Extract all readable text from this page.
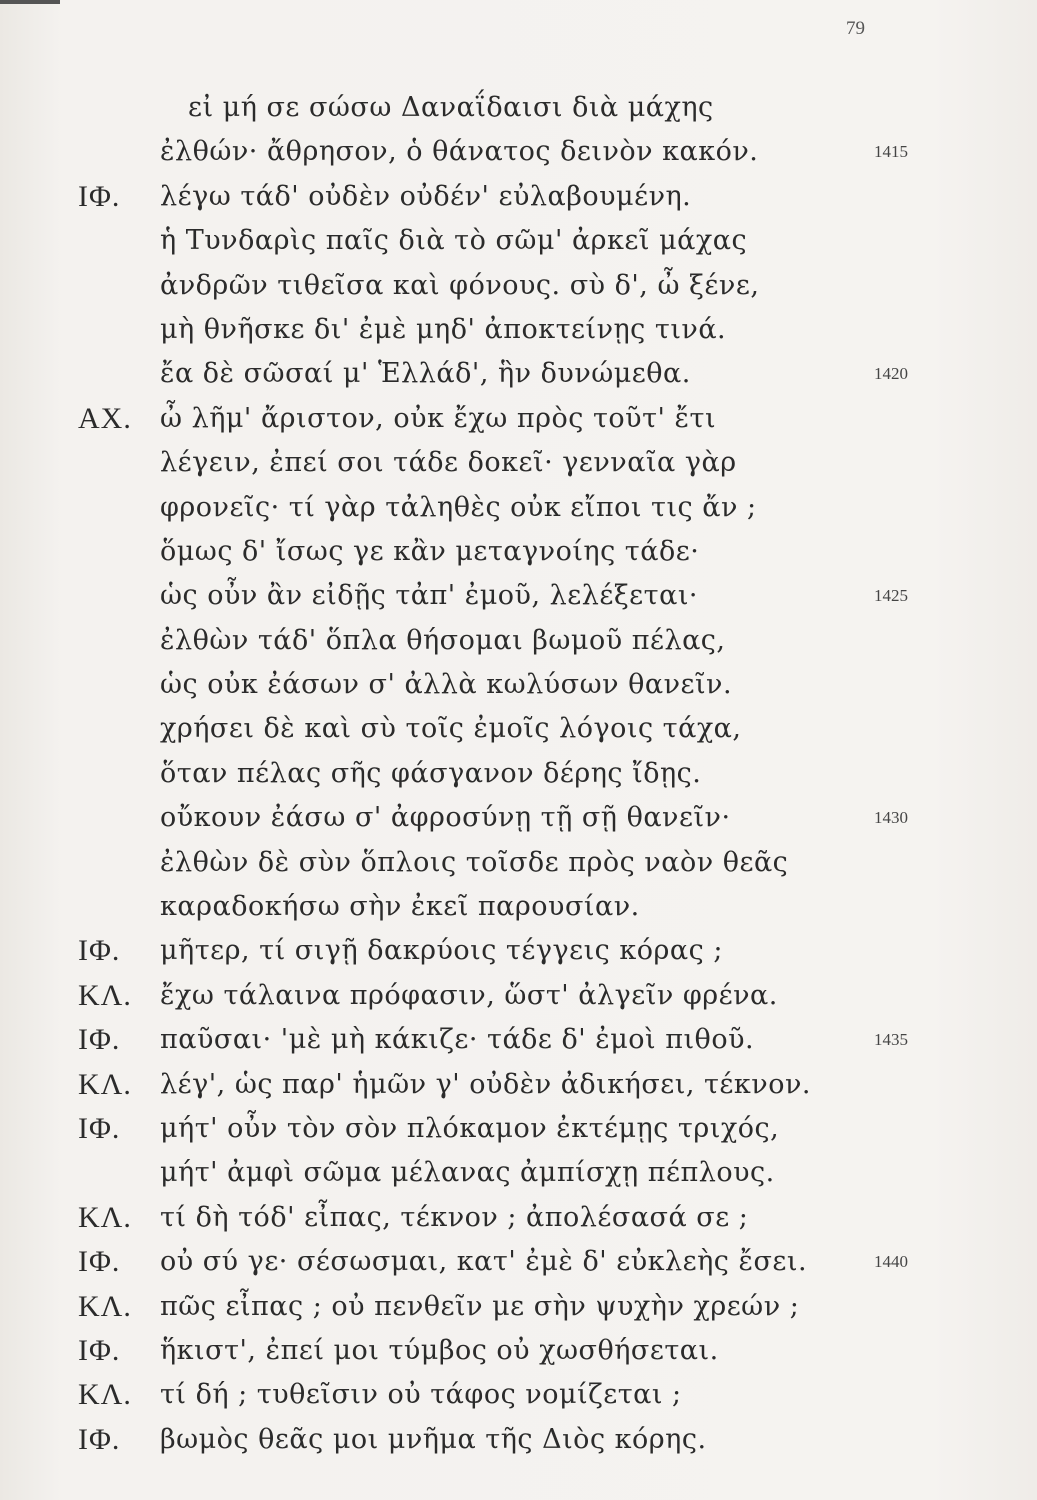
79
εἰ μή σε σώσω Δαναΐδαισι διὰ μάχης
ἐλθών· ἄθρησον, ὁ θάνατος δεινὸν κακόν.	1415
ΙΦ.	λέγω τάδ' οὐδὲν οὐδέν' εὐλαβουμένη.
ἡ Τυνδαρὶς παῖς διὰ τὸ σῶμ' ἀρκεῖ μάχας
ἀνδρῶν τιθεῖσα καὶ φόνους. σὺ δ', ὦ ξένε,
μὴ θνῆσκε δι' ἐμὲ μηδ' ἀποκτείνῃς τινά.
ἔα δὲ σῶσαί μ' Ἑλλάδ', ἣν δυνώμεθα.	1420
ΑΧ.	ὦ λῆμ' ἄριστον, οὐκ ἔχω πρὸς τοῦτ' ἔτι
λέγειν, ἐπεί σοι τάδε δοκεῖ· γενναῖα γὰρ
φρονεῖς· τί γὰρ τἀληθὲς οὐκ εἴποι τις ἄν ;
ὅμως δ' ἴσως γε κἂν μεταγνοίης τάδε·
ὡς οὖν ἂν εἰδῇς τἀπ' ἐμοῦ, λελέξεται·	1425
ἐλθὼν τάδ' ὅπλα θήσομαι βωμοῦ πέλας,
ὡς οὐκ ἐάσων σ' ἀλλὰ κωλύσων θανεῖν.
χρήσει δὲ καὶ σὺ τοῖς ἐμοῖς λόγοις τάχα,
ὅταν πέλας σῆς φάσγανον δέρης ἴδῃς.
οὔκουν ἐάσω σ' ἀφροσύνῃ τῇ σῇ θανεῖν·	1430
ἐλθὼν δὲ σὺν ὅπλοις τοῖσδε πρὸς ναὸν θεᾶς
καραδοκήσω σὴν ἐκεῖ παρουσίαν.
ΙΦ.	μῆτερ, τί σιγῇ δακρύοις τέγγεις κόρας ;
ΚΛ.	ἔχω τάλαινα πρόφασιν, ὥστ' ἀλγεῖν φρένα.
ΙΦ.	παῦσαι· 'μὲ μὴ κάκιζε· τάδε δ' ἐμοὶ πιθοῦ.	1435
ΚΛ.	λέγ', ὡς παρ' ἡμῶν γ' οὐδὲν ἀδικήσει, τέκνον.
ΙΦ.	μήτ' οὖν τὸν σὸν πλόκαμον ἐκτέμῃς τριχός,
μήτ' ἀμφὶ σῶμα μέλανας ἀμπίσχῃ πέπλους.
ΚΛ.	τί δὴ τόδ' εἶπας, τέκνον ; ἀπολέσασά σε ;
ΙΦ.	οὐ σύ γε· σέσωσμαι, κατ' ἐμὲ δ' εὐκλεὴς ἔσει.	1440
ΚΛ.	πῶς εἶπας ; οὐ πενθεῖν με σὴν ψυχὴν χρεών ;
ΙΦ.	ἥκιστ', ἐπεί μοι τύμβος οὐ χωσθήσεται.
ΚΛ.	τί δή ; τυθεῖσιν οὐ τάφος νομίζεται ;
ΙΦ.	βωμὸς θεᾶς μοι μνῆμα τῆς Διὸς κόρης.
